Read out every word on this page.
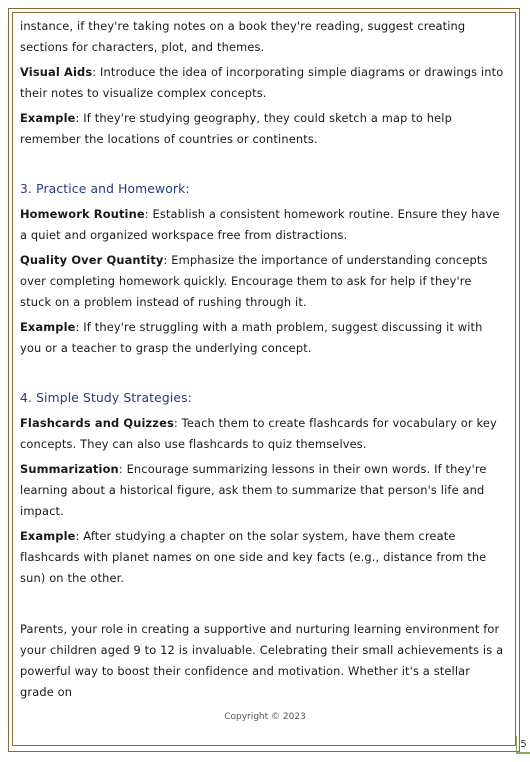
instance, if they're taking notes on a book they're reading, suggest creating sections for characters, plot, and themes.

Visual Aids: Introduce the idea of incorporating simple diagrams or drawings into their notes to visualize complex concepts.

Example: If they're studying geography, they could sketch a map to help remember the locations of countries or continents.

3. Practice and Homework:

Homework Routine: Establish a consistent homework routine. Ensure they have a quiet and organized workspace free from distractions.

Quality Over Quantity: Emphasize the importance of understanding concepts over completing homework quickly. Encourage them to ask for help if they're stuck on a problem instead of rushing through it.

Example: If they're struggling with a math problem, suggest discussing it with you or a teacher to grasp the underlying concept.

4. Simple Study Strategies:

Flashcards and Quizzes: Teach them to create flashcards for vocabulary or key concepts. They can also use flashcards to quiz themselves.

Summarization: Encourage summarizing lessons in their own words. If they're learning about a historical figure, ask them to summarize that person's life and impact.

Example: After studying a chapter on the solar system, have them create flashcards with planet names on one side and key facts (e.g., distance from the sun) on the other.

Parents, your role in creating a supportive and nurturing learning environment for your children aged 9 to 12 is invaluable. Celebrating their small achievements is a powerful way to boost their confidence and motivation. Whether it's a stellar grade on

Copyright © 2023
5
